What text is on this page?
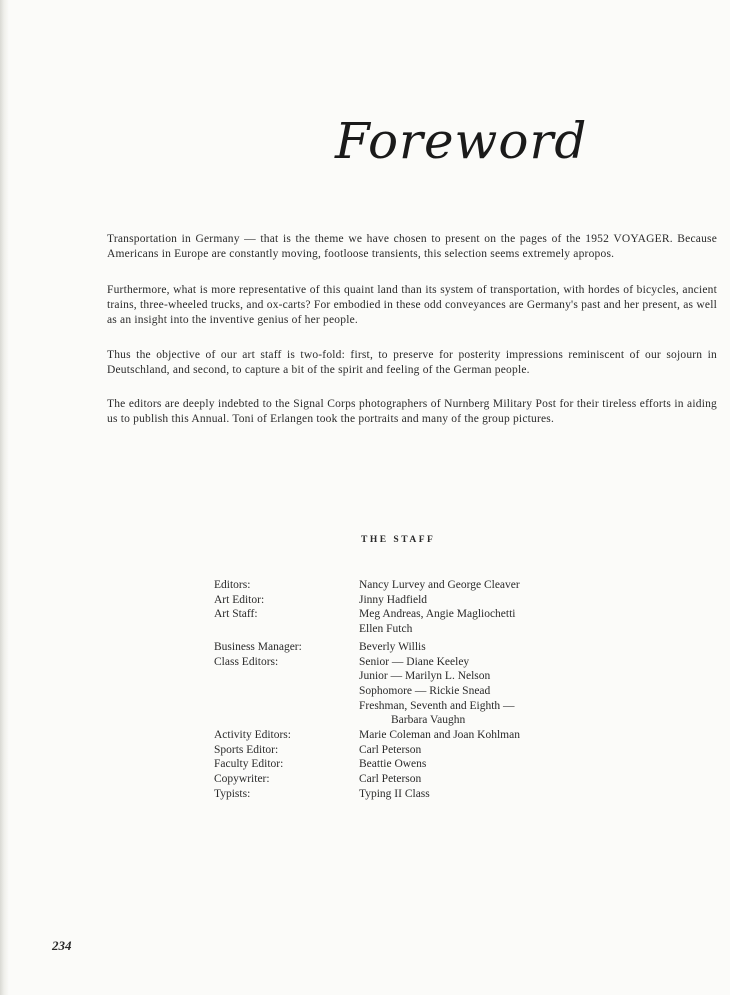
Foreword

Transportation in Germany — that is the theme we have chosen to present on the pages of the 1952 VOYAGER. Because Americans in Europe are constantly moving, footloose transients, this selection seems extremely apropos.

Furthermore, what is more representative of this quaint land than its system of transportation, with hordes of bicycles, ancient trains, three-wheeled trucks, and ox-carts? For embodied in these odd conveyances are Germany's past and her present, as well as an insight into the inventive genius of her people.

Thus the objective of our art staff is two-fold: first, to preserve for posterity impressions reminiscent of our sojourn in Deutschland, and second, to capture a bit of the spirit and feeling of the German people.

The editors are deeply indebted to the Signal Corps photographers of Nurnberg Military Post for their tireless efforts in aiding us to publish this Annual. Toni of Erlangen took the portraits and many of the group pictures.

THE STAFF
Editors:	Nancy Lurvey and George Cleaver
Art Editor:	Jinny Hadfield
Art Staff:	Meg Andreas, Angie Magliochetti
Ellen Futch
Business Manager:	Beverly Willis
Class Editors:	Senior — Diane Keeley
Junior — Marilyn L. Nelson
Sophomore — Rickie Snead
Freshman, Seventh and Eighth —
Barbara Vaughn
Activity Editors:	Marie Coleman and Joan Kohlman
Sports Editor:	Carl Peterson
Faculty Editor:	Beattie Owens
Copywriter:	Carl Peterson
Typists:	Typing II Class
234
